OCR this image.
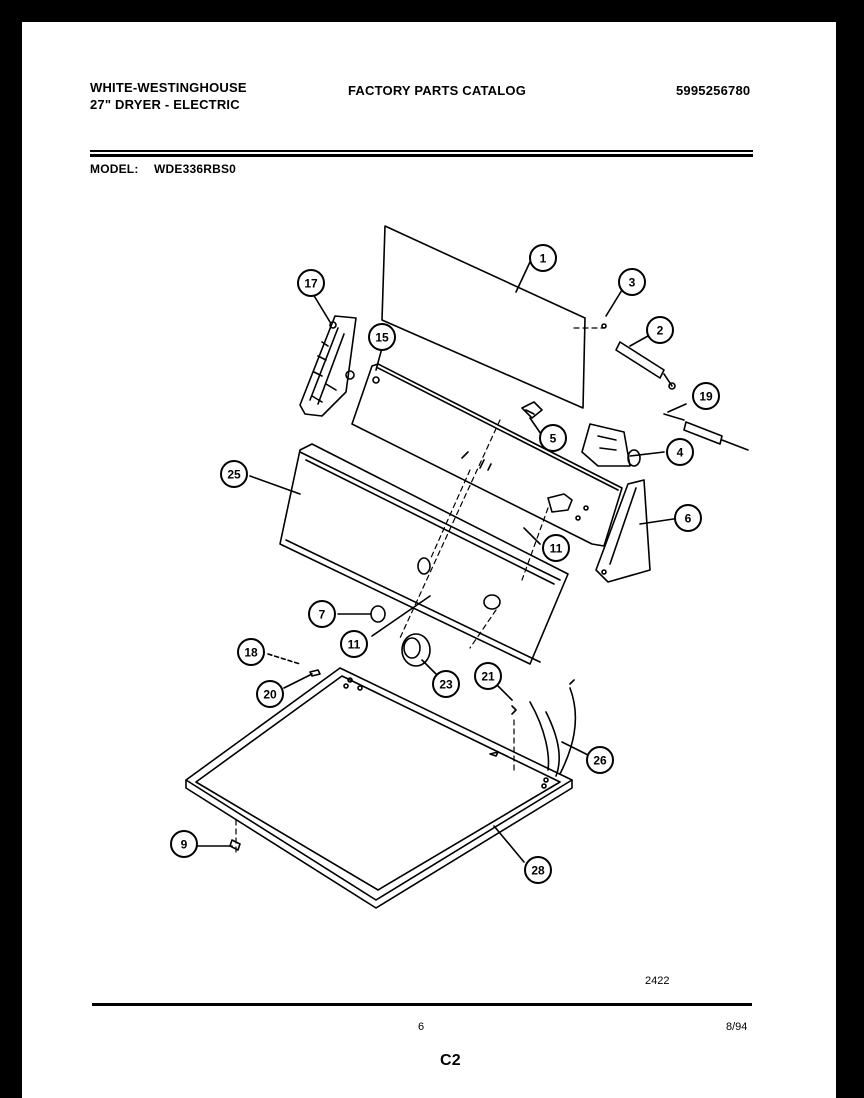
WHITE-WESTINGHOUSE
27" DRYER - ELECTRIC
FACTORY PARTS CATALOG	5995256780
MODEL: WDE336RBS0
1
2
3
4
5
6
7
9
11
11
15
17
18
19
20
21
23
25
26
28
2422
6	8/94
C2
